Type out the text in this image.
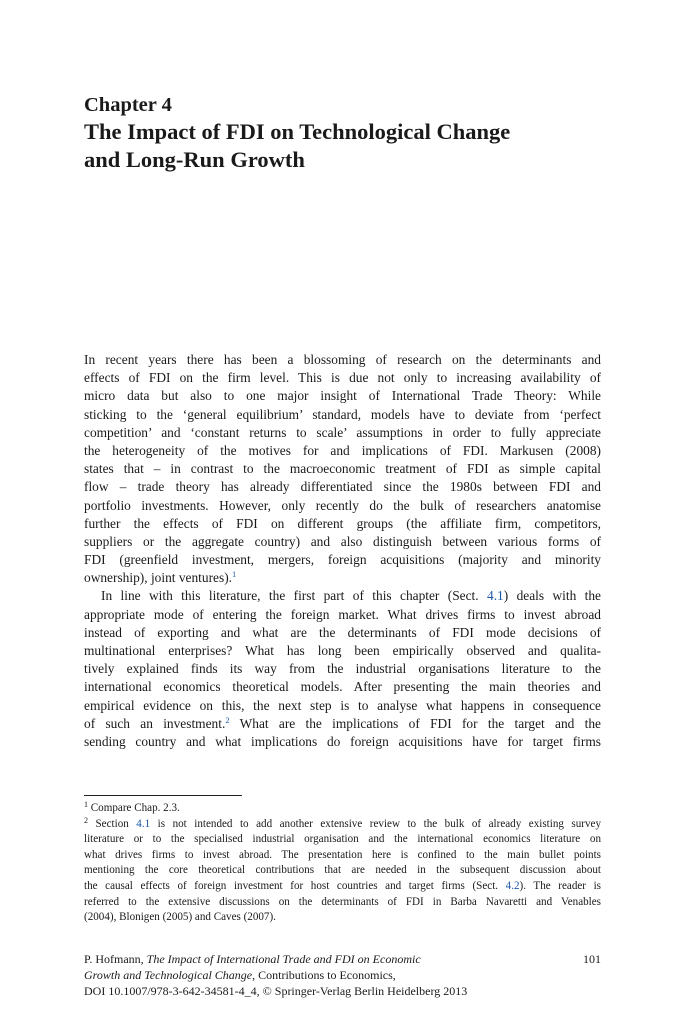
Chapter 4
The Impact of FDI on Technological Change
and Long-Run Growth
In recent years there has been a blossoming of research on the determinants and
effects of FDI on the firm level. This is due not only to increasing availability of
micro data but also to one major insight of International Trade Theory: While
sticking to the ‘general equilibrium’ standard, models have to deviate from ‘perfect
competition’ and ‘constant returns to scale’ assumptions in order to fully appreciate
the heterogeneity of the motives for and implications of FDI. Markusen (2008)
states that – in contrast to the macroeconomic treatment of FDI as simple capital
flow – trade theory has already differentiated since the 1980s between FDI and
portfolio investments. However, only recently do the bulk of researchers anatomise
further the effects of FDI on different groups (the affiliate firm, competitors,
suppliers or the aggregate country) and also distinguish between various forms of
FDI (greenfield investment, mergers, foreign acquisitions (majority and minority
ownership), joint ventures).$^1$
In line with this literature, the first part of this chapter (Sect. 4.1) deals with the
appropriate mode of entering the foreign market. What drives firms to invest abroad
instead of exporting and what are the determinants of FDI mode decisions of
multinational enterprises? What has long been empirically observed and qualita-
tively explained finds its way from the industrial organisations literature to the
international economics theoretical models. After presenting the main theories and
empirical evidence on this, the next step is to analyse what happens in consequence
of such an investment.$^2$ What are the implications of FDI for the target and the
sending country and what implications do foreign acquisitions have for target firms
$^1$ Compare Chap. 2.3.
$^2$ Section 4.1 is not intended to add another extensive review to the bulk of already existing survey
literature or to the specialised industrial organisation and the international economics literature on
what drives firms to invest abroad. The presentation here is confined to the main bullet points
mentioning the core theoretical contributions that are needed in the subsequent discussion about
the causal effects of foreign investment for host countries and target firms (Sect. 4.2). The reader is
referred to the extensive discussions on the determinants of FDI in Barba Navaretti and Venables
(2004), Blonigen (2005) and Caves (2007).
P. Hofmann, The Impact of International Trade and FDI on Economic
Growth and Technological Change, Contributions to Economics,
DOI 10.1007/978-3-642-34581-4_4, © Springer-Verlag Berlin Heidelberg 2013
101
